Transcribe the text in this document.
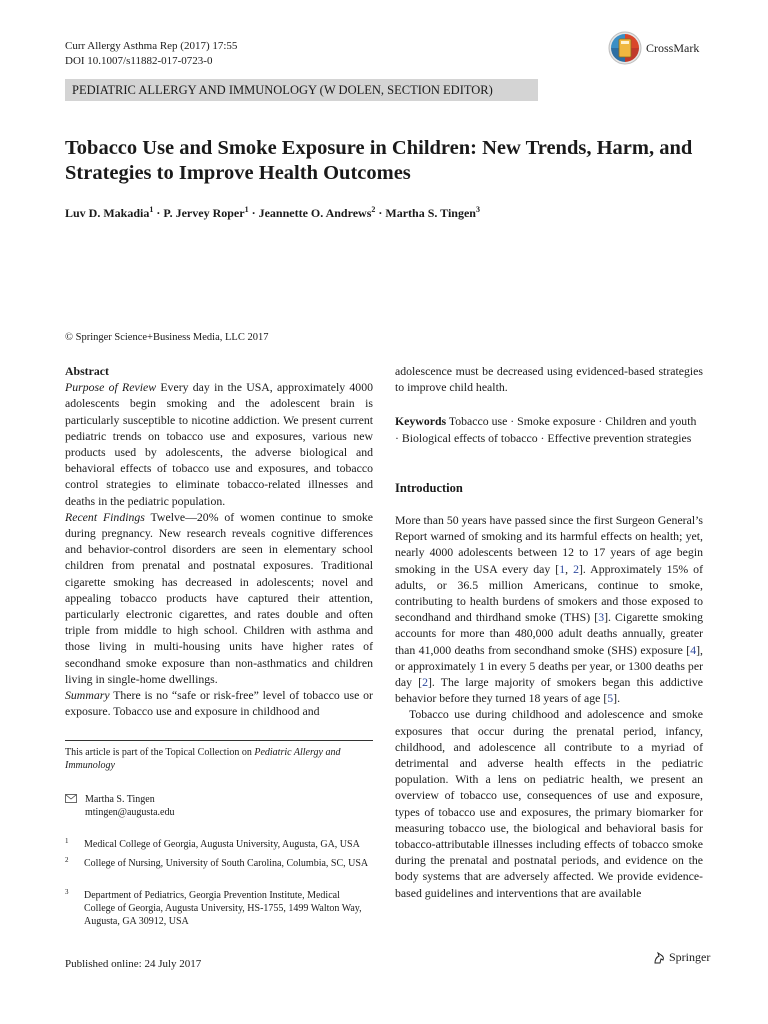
Curr Allergy Asthma Rep (2017) 17:55
DOI 10.1007/s11882-017-0723-0
CrossMark
PEDIATRIC ALLERGY AND IMMUNOLOGY (W DOLEN, SECTION EDITOR)
Tobacco Use and Smoke Exposure in Children: New Trends, Harm, and Strategies to Improve Health Outcomes
Luv D. Makadia$^1$ · P. Jervey Roper$^1$ · Jeannette O. Andrews$^2$ · Martha S. Tingen$^3$
© Springer Science+Business Media, LLC 2017

Abstract

Purpose of Review Every day in the USA, approximately 4000 adolescents begin smoking and the adolescent brain is particularly susceptible to nicotine addiction. We present current pediatric trends on tobacco use and exposures, various new products used by adolescents, the adverse biological and behavioral effects of tobacco use and exposures, and tobacco control strategies to eliminate tobacco-related illnesses and deaths in the pediatric population.

Recent Findings Twelve—20% of women continue to smoke during pregnancy. New research reveals cognitive differences and behavior-control disorders are seen in elementary school children from prenatal and postnatal exposures. Traditional cigarette smoking has decreased in adolescents; novel and appealing tobacco products have captured their attention, particularly electronic cigarettes, and rates double and often triple from middle to high school. Children with asthma and those living in multi-housing units have higher rates of secondhand smoke exposure than non-asthmatics and children living in single-home dwellings.

Summary There is no “safe or risk-free” level of tobacco use or exposure. Tobacco use and exposure in childhood and

This article is part of the Topical Collection on Pediatric Allergy and Immunology
Martha S. Tingen
mtingen@augusta.edu
1 Medical College of Georgia, Augusta University, Augusta, GA, USA
2 College of Nursing, University of South Carolina, Columbia, SC, USA
3 Department of Pediatrics, Georgia Prevention Institute, Medical College of Georgia, Augusta University, HS-1755, 1499 Walton Way, Augusta, GA 30912, USA

adolescence must be decreased using evidenced-based strategies to improve child health.

Keywords Tobacco use · Smoke exposure · Children and youth · Biological effects of tobacco · Effective prevention strategies

Introduction

More than 50 years have passed since the first Surgeon General’s Report warned of smoking and its harmful effects on health; yet, nearly 4000 adolescents between 12 to 17 years of age begin smoking in the USA every day [1, 2]. Approximately 15% of adults, or 36.5 million Americans, continue to smoke, contributing to health burdens of smokers and those exposed to secondhand and thirdhand smoke (THS) [3]. Cigarette smoking accounts for more than 480,000 adult deaths annually, greater than 41,000 deaths from secondhand smoke (SHS) exposure [4], or approximately 1 in every 5 deaths per year, or 1300 deaths per day [2]. The large majority of smokers began this addictive behavior before they turned 18 years of age [5].

Tobacco use during childhood and adolescence and smoke exposures that occur during the prenatal period, infancy, childhood, and adolescence all contribute to a myriad of detrimental and adverse health effects in the pediatric population. With a lens on pediatric health, we present an overview of tobacco use, consequences of use and exposure, types of tobacco use and exposures, the primary biomarker for measuring tobacco use, the biological and behavioral basis for tobacco-attributable illnesses including effects of tobacco smoke during the prenatal and postnatal periods, and evidence on the body systems that are adversely affected. We provide evidence-based guidelines and interventions that are available

Published online: 24 July 2017	Springer
